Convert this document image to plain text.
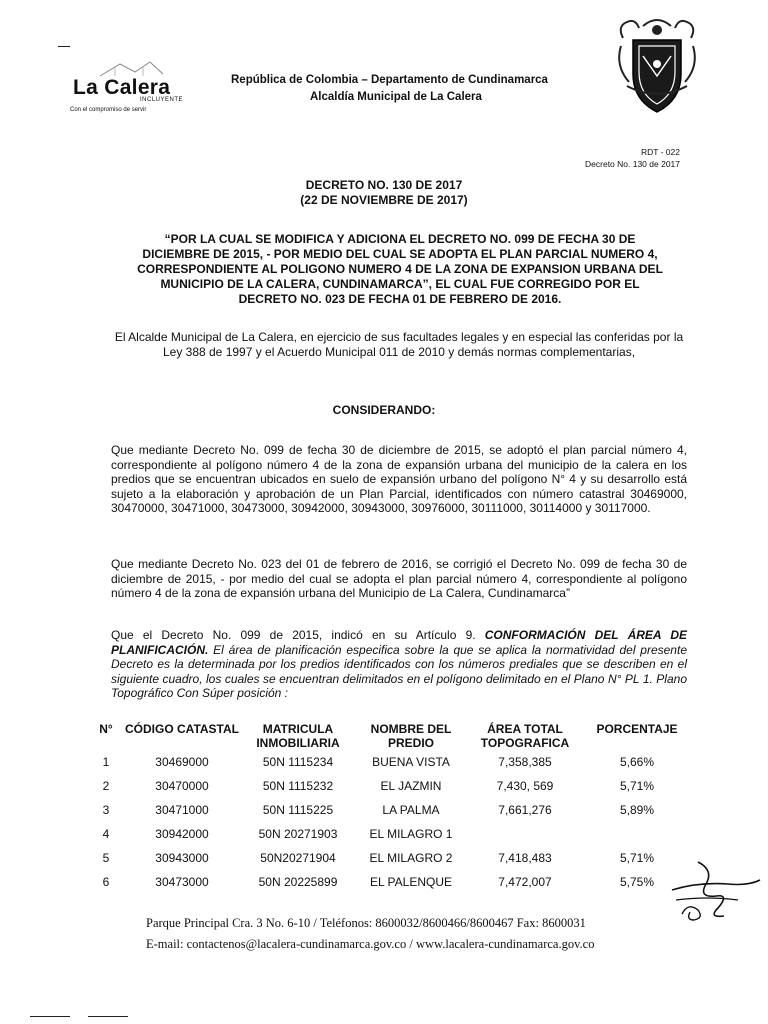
La Calera
INCLUYENTE
Con el compromiso de servir
República de Colombia – Departamento de Cundinamarca
Alcaldía Municipal de La Calera
RDT - 022
Decreto No. 130 de 2017
DECRETO NO. 130 DE 2017
(22 DE NOVIEMBRE DE 2017)
“POR LA CUAL SE MODIFICA Y ADICIONA EL DECRETO NO. 099 DE FECHA 30 DE
DICIEMBRE DE 2015, - POR MEDIO DEL CUAL SE ADOPTA EL PLAN PARCIAL NUMERO 4,
CORRESPONDIENTE AL POLIGONO NUMERO 4 DE LA ZONA DE EXPANSION URBANA DEL
MUNICIPIO DE LA CALERA, CUNDINAMARCA”, EL CUAL FUE CORREGIDO POR EL
DECRETO NO. 023 DE FECHA 01 DE FEBRERO DE 2016.
El Alcalde Municipal de La Calera, en ejercicio de sus facultades legales y en especial las conferidas por la Ley 388 de 1997 y el Acuerdo Municipal 011 de 2010 y demás normas complementarias,
CONSIDERANDO:
Que mediante Decreto No. 099 de fecha 30 de diciembre de 2015, se adoptó el plan parcial número 4, correspondiente al polígono número 4 de la zona de expansión urbana del municipio de la calera en los predios que se encuentran ubicados en suelo de expansión urbano del polígono N° 4 y su desarrollo está sujeto a la elaboración y aprobación de un Plan Parcial, identificados con número catastral 30469000, 30470000, 30471000, 30473000, 30942000, 30943000, 30976000, 30111000, 30114000 y 30117000.
Que mediante Decreto No. 023 del 01 de febrero de 2016, se corrigió el Decreto No. 099 de fecha 30 de diciembre de 2015, - por medio del cual se adopta el plan parcial número 4, correspondiente al polígono número 4 de la zona de expansión urbana del Municipio de La Calera, Cundinamarca”
Que el Decreto No. 099 de 2015, indicó en su Artículo 9. CONFORMACIÓN DEL ÁREA DE PLANIFICACIÓN. El área de planificación especifica sobre la que se aplica la normatividad del presente Decreto es la determinada por los predios identificados con los números prediales que se describen en el siguiente cuadro, los cuales se encuentran delimitados en el polígono delimitado en el Plano N° PL 1. Plano Topográfico Con Súper posición :
N°	CÓDIGO CATASTAL	MATRICULA INMOBILIARIA	NOMBRE DEL PREDIO	ÁREA TOTAL TOPOGRAFICA	PORCENTAJE
1	30469000	50N 1115234	BUENA VISTA	7,358,385	5,66%
2	30470000	50N 1115232	EL JAZMIN	7,430, 569	5,71%
3	30471000	50N 1115225	LA PALMA	7,661,276	5,89%
4	30942000	50N 20271903	EL MILAGRO 1		
5	30943000	50N20271904	EL MILAGRO 2	7,418,483	5,71%
6	30473000	50N 20225899	EL PALENQUE	7,472,007	5,75%
Parque Principal Cra. 3 No. 6-10 / Teléfonos: 8600032/8600466/8600467 Fax: 8600031
E-mail: contactenos@lacalera-cundinamarca.gov.co / www.lacalera-cundinamarca.gov.co
